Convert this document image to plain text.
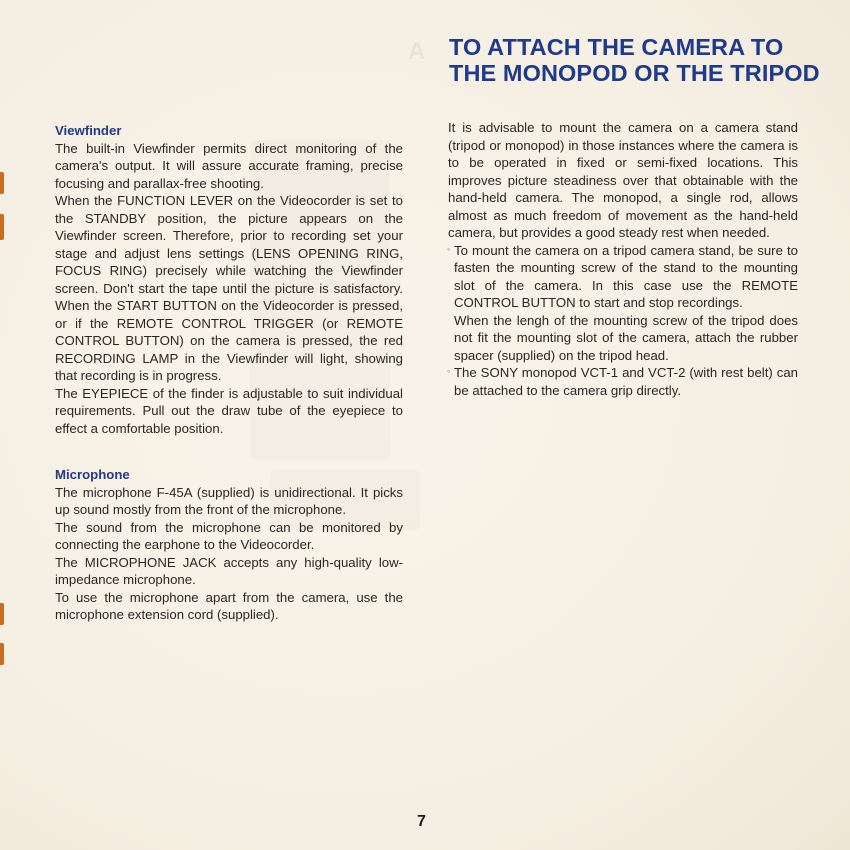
A TO ATTACH THE CAMERA TO
THE MONOPOD OR THE TRIPOD
Viewfinder

The built-in Viewfinder permits direct monitoring of the camera's output. It will assure accurate framing, precise focusing and parallax-free shooting.

When the FUNCTION LEVER on the Videocorder is set to the STANDBY position, the picture appears on the Viewfinder screen. Therefore, prior to recording set your stage and adjust lens settings (LENS OPENING RING, FOCUS RING) precisely while watching the Viewfinder screen. Don't start the tape until the picture is satisfactory. When the START BUTTON on the Videocorder is pressed, or if the REMOTE CONTROL TRIGGER (or REMOTE CONTROL BUTTON) on the camera is pressed, the red RECORDING LAMP in the Viewfinder will light, showing that recording is in progress.

The EYEPIECE of the finder is adjustable to suit individual requirements. Pull out the draw tube of the eyepiece to effect a comfortable position.

Microphone

The microphone F-45A (supplied) is unidirectional. It picks up sound mostly from the front of the microphone.

The sound from the microphone can be monitored by connecting the earphone to the Videocorder.

The MICROPHONE JACK accepts any high-quality low-impedance microphone.

To use the microphone apart from the camera, use the microphone extension cord (supplied).

It is advisable to mount the camera on a camera stand (tripod or monopod) in those instances where the camera is to be operated in fixed or semi-fixed locations. This improves picture steadiness over that obtainable with the hand-held camera. The monopod, a single rod, allows almost as much freedom of movement as the hand-held camera, but provides a good steady rest when needed.

◦ To mount the camera on a tripod camera stand, be sure to fasten the mounting screw of the stand to the mounting slot of the camera. In this case use the REMOTE CONTROL BUTTON to start and stop recordings.
When the lengh of the mounting screw of the tripod does not fit the mounting slot of the camera, attach the rubber spacer (supplied) on the tripod head.
◦ The SONY monopod VCT-1 and VCT-2 (with rest belt) can be attached to the camera grip directly.
7
